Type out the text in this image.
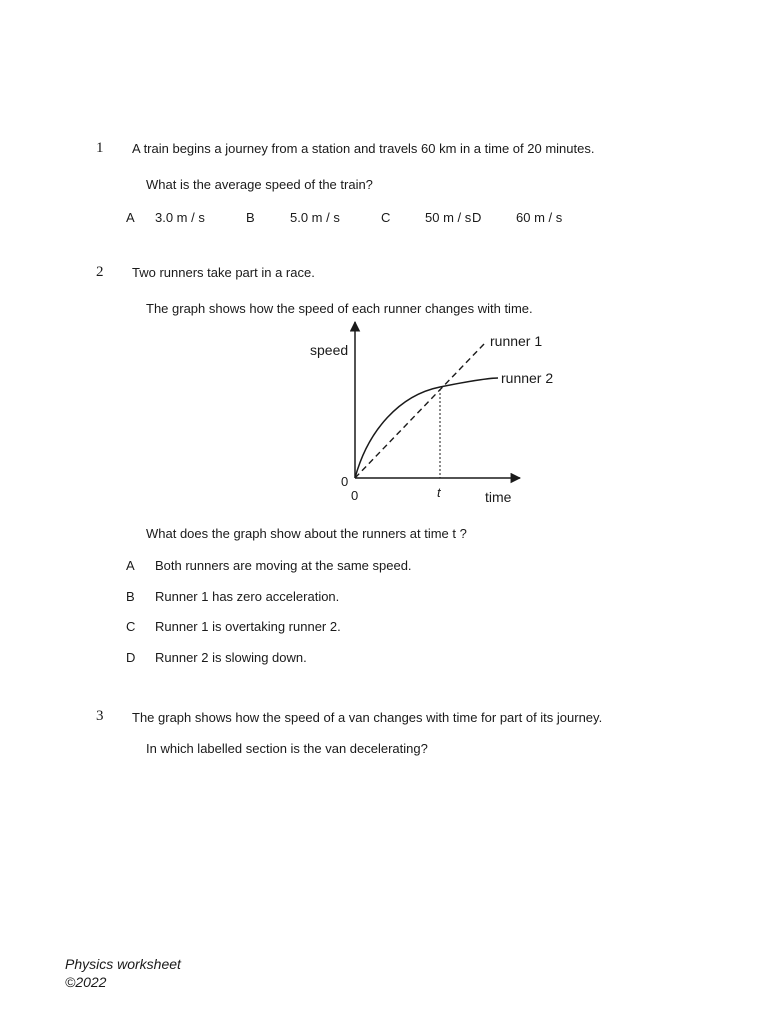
1 A train begins a journey from a station and travels 60 km in a time of 20 minutes.
What is the average speed of the train?
A 3.0 m / s	B	5.0 m / s	C	50 m / s D	60 m / s
2 Two runners take part in a race.
The graph shows how the speed of each runner changes with time.
speed
time
0
0	t
runner 1
runner 2
What does the graph show about the runners at time t ?
A Both runners are moving at the same speed.
B Runner 1 has zero acceleration.
C Runner 1 is overtaking runner 2.
D Runner 2 is slowing down.
3 The graph shows how the speed of a van changes with time for part of its journey.
In which labelled section is the van decelerating?
Physics worksheet
©2022
